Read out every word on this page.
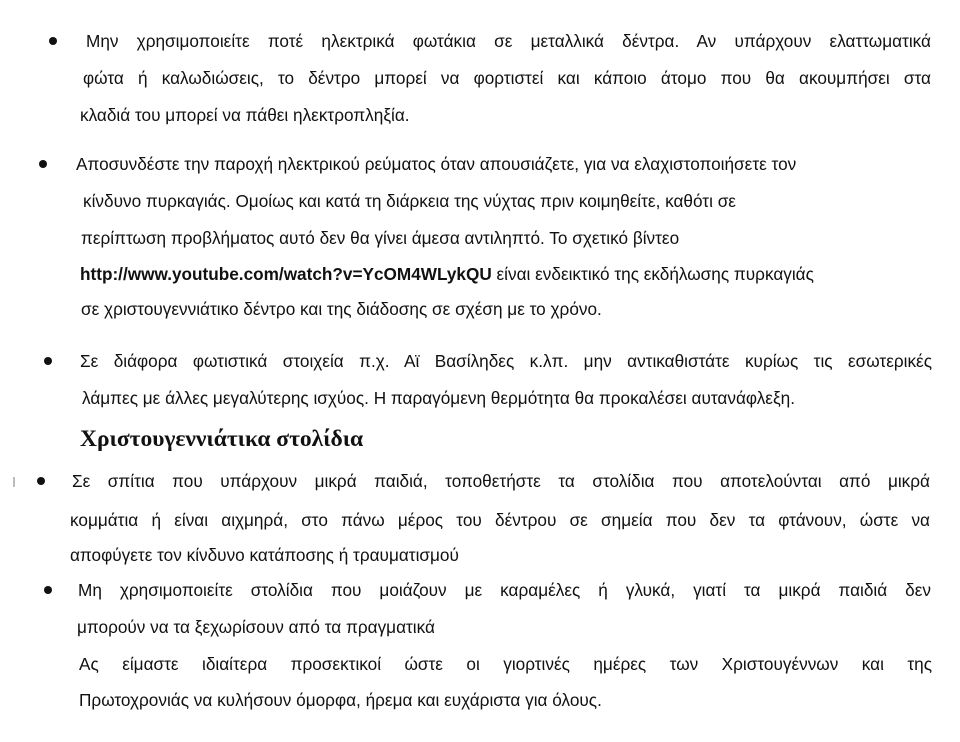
Μην χρησιμοποιείτε ποτέ ηλεκτρικά φωτάκια σε μεταλλικά δέντρα. Αν υπάρχουν ελαττωματικά
φώτα ή καλωδιώσεις, το δέντρο μπορεί να φορτιστεί και κάποιο άτομο που θα ακουμπήσει στα
κλαδιά του μπορεί να πάθει ηλεκτροπληξία.
Αποσυνδέστε την παροχή ηλεκτρικού ρεύματος όταν απουσιάζετε, για να ελαχιστοποιήσετε τον
κίνδυνο πυρκαγιάς. Ομοίως και κατά τη διάρκεια της νύχτας πριν κοιμηθείτε, καθότι σε
περίπτωση προβλήματος αυτό δεν θα γίνει άμεσα αντιληπτό. Το σχετικό βίντεο
http://www.youtube.com/watch?v=YcOM4WLykQU είναι ενδεικτικό της εκδήλωσης πυρκαγιάς
σε χριστουγεννιάτικο δέντρο και της διάδοσης σε σχέση με το χρόνο.
Σε διάφορα φωτιστικά στοιχεία π.χ. Αϊ Βασίληδες κ.λπ. μην αντικαθιστάτε κυρίως τις εσωτερικές
λάμπες με άλλες μεγαλύτερης ισχύος. Η παραγόμενη θερμότητα θα προκαλέσει αυτανάφλεξη.
Χριστουγεννιάτικα στολίδια
Σε σπίτια που υπάρχουν μικρά παιδιά, τοποθετήστε τα στολίδια που αποτελούνται από μικρά
κομμάτια ή είναι αιχμηρά, στο πάνω μέρος του δέντρου σε σημεία που δεν τα φτάνουν, ώστε να
αποφύγετε τον κίνδυνο κατάποσης ή τραυματισμού
Μη χρησιμοποιείτε στολίδια που μοιάζουν με καραμέλες ή γλυκά, γιατί τα μικρά παιδιά δεν
μπορούν να τα ξεχωρίσουν από τα πραγματικά
Ας είμαστε ιδιαίτερα προσεκτικοί ώστε οι γιορτινές ημέρες των Χριστουγέννων και της
Πρωτοχρονιάς να κυλήσουν όμορφα, ήρεμα και ευχάριστα για όλους.
